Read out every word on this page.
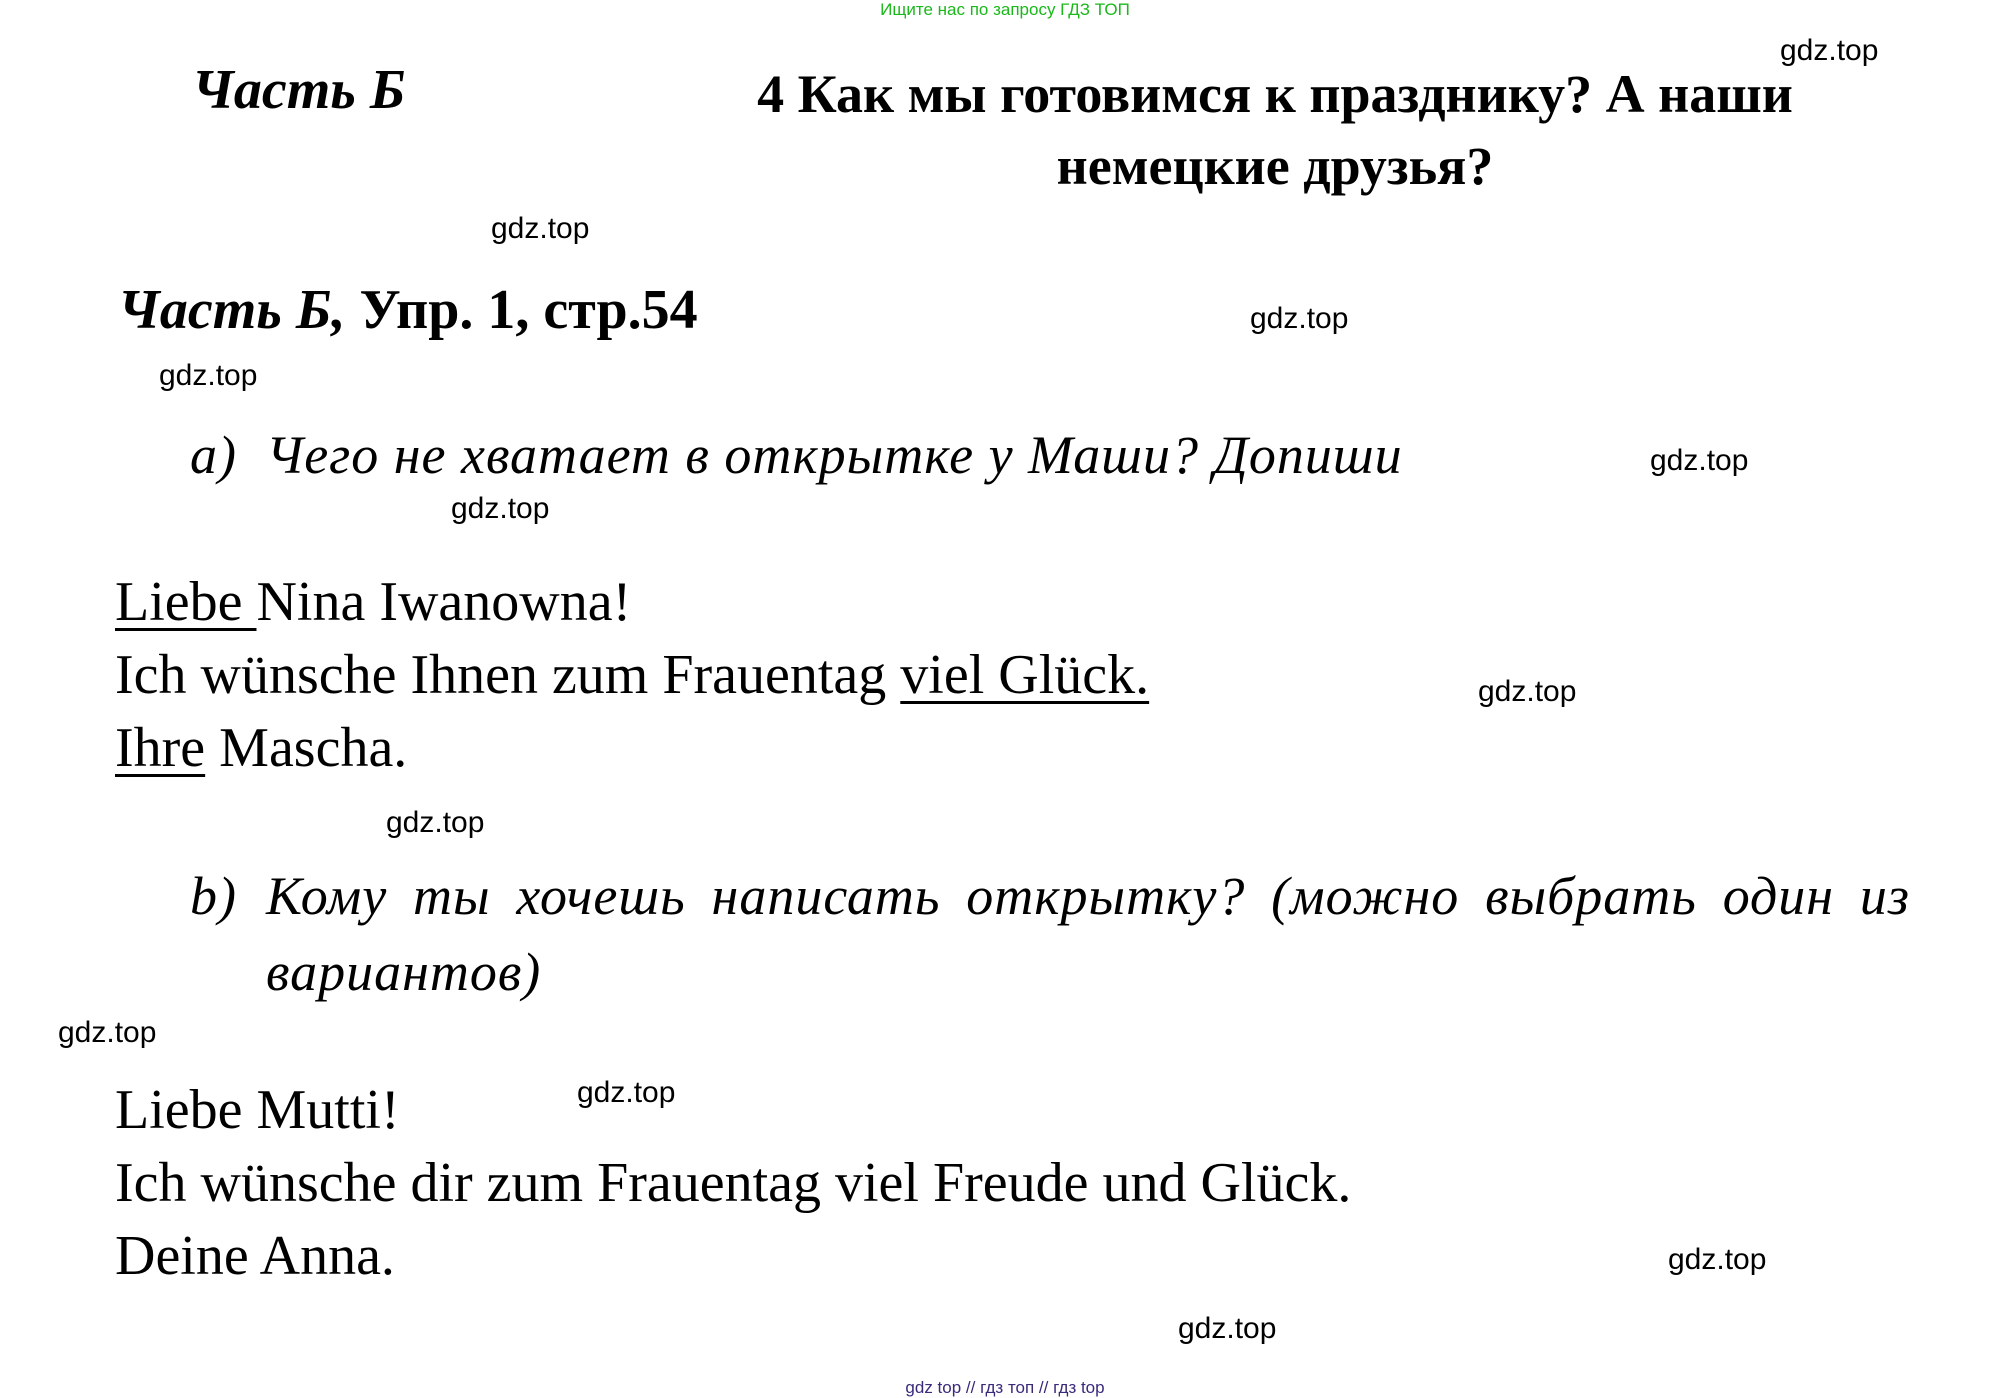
Ищите нас по запросу ГДЗ ТОП
Часть Б	4 Как мы готовимся к празднику? А наши
немецкие друзья?
Часть Б, Упр. 1, стр.54
a) Чего не хватает в открытке у Маши? Допиши
Liebe Nina Iwanowna!
Ich wünsche Ihnen zum Frauentag viel Glück.
Ihre Mascha.
b) Кому ты хочешь написать открытку? (можно выбрать один из вариантов)
Liebe Mutti!
Ich wünsche dir zum Frauentag viel Freude und Glück.
Deine Anna.
gdz.top
gdz.top
gdz.top
gdz.top
gdz.top
gdz.top
gdz.top
gdz.top
gdz.top
gdz.top
gdz.top
gdz.top
gdz top // гдз топ // гдз top
